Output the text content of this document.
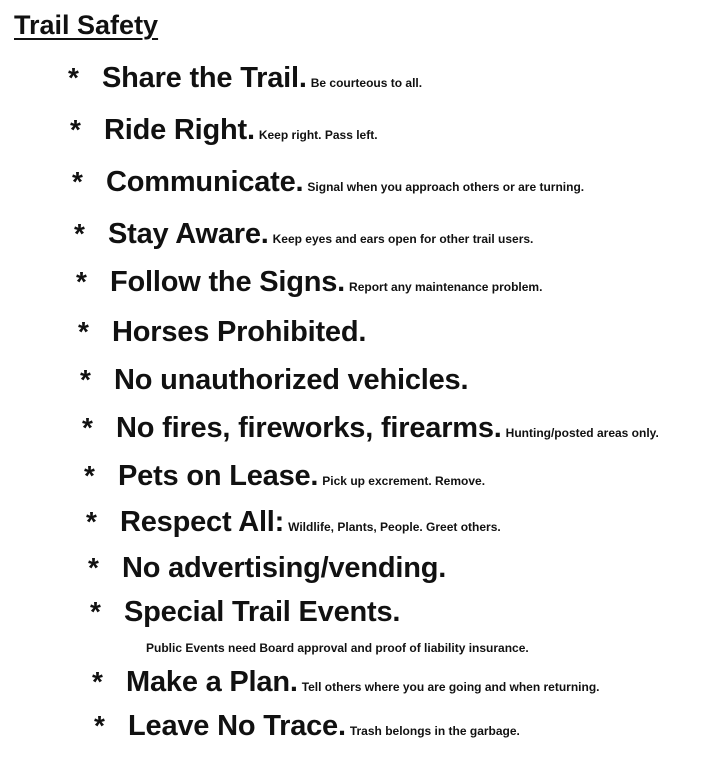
Trail Safety
* Share the Trail. Be courteous to all.
* Ride Right. Keep right. Pass left.
* Communicate. Signal when you approach others or are turning.
* Stay Aware. Keep eyes and ears open for other trail users.
* Follow the Signs. Report any maintenance problem.
* Horses Prohibited.
* No unauthorized vehicles.
* No fires, fireworks, firearms. Hunting/posted areas only.
* Pets on Lease. Pick up excrement. Remove.
* Respect All: Wildlife, Plants, People. Greet others.
* No advertising/vending.
* Special Trail Events.
Public Events need Board approval and proof of liability insurance.
* Make a Plan. Tell others where you are going and when returning.
* Leave No Trace. Trash belongs in the garbage.
